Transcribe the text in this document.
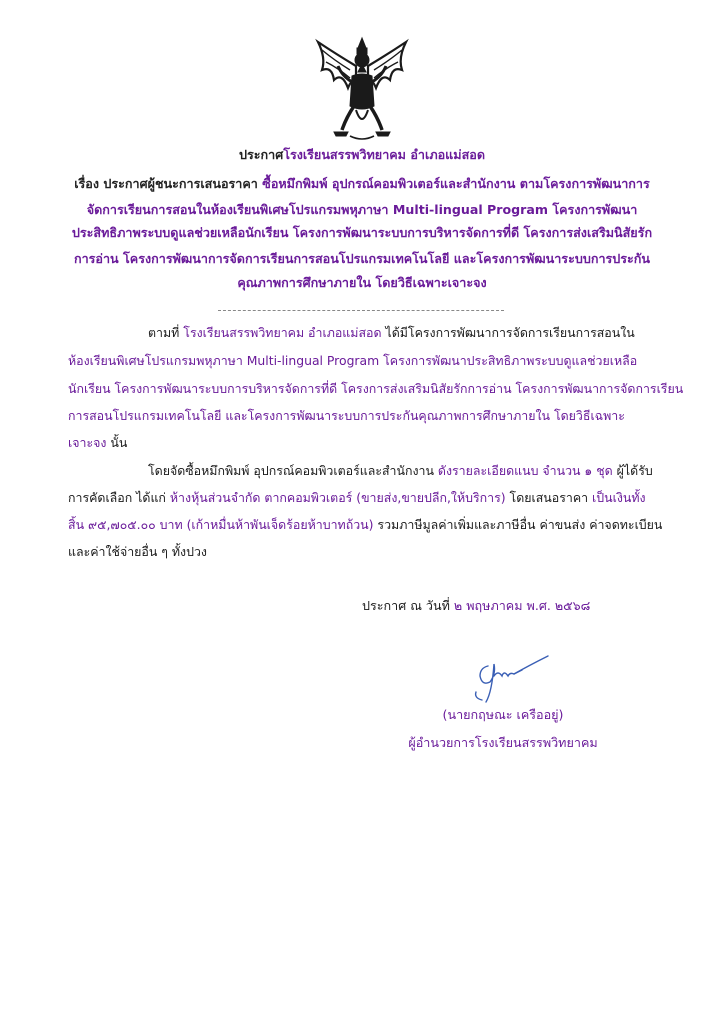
ประกาศโรงเรียนสรรพวิทยาคม อำเภอแม่สอด
เรื่อง ประกาศผู้ชนะการเสนอราคา ซื้อหมึกพิมพ์ อุปกรณ์คอมพิวเตอร์และสำนักงาน ตามโครงการพัฒนาการ
จัดการเรียนการสอนในห้องเรียนพิเศษโปรแกรมพหุภาษา Multi-lingual Program โครงการพัฒนา
ประสิทธิภาพระบบดูแลช่วยเหลือนักเรียน โครงการพัฒนาระบบการบริหารจัดการที่ดี โครงการส่งเสริมนิสัยรัก
การอ่าน โครงการพัฒนาการจัดการเรียนการสอนโปรแกรมเทคโนโลยี และโครงการพัฒนาระบบการประกัน
คุณภาพการศึกษาภายใน โดยวิธีเฉพาะเจาะจง
ตามที่ โรงเรียนสรรพวิทยาคม อำเภอแม่สอด ได้มีโครงการพัฒนาการจัดการเรียนการสอนใน
ห้องเรียนพิเศษโปรแกรมพหุภาษา Multi-lingual Program โครงการพัฒนาประสิทธิภาพระบบดูแลช่วยเหลือ
นักเรียน โครงการพัฒนาระบบการบริหารจัดการที่ดี โครงการส่งเสริมนิสัยรักการอ่าน โครงการพัฒนาการจัดการเรียน
การสอนโปรแกรมเทคโนโลยี และโครงการพัฒนาระบบการประกันคุณภาพการศึกษาภายใน โดยวิธีเฉพาะ
เจาะจง นั้น
โดยจัดซื้อหมึกพิมพ์ อุปกรณ์คอมพิวเตอร์และสำนักงาน ดังรายละเอียดแนบ จำนวน ๑ ชุด ผู้ได้รับ
การคัดเลือก ได้แก่ ห้างหุ้นส่วนจำกัด ตากคอมพิวเตอร์ (ขายส่ง,ขายปลีก,ให้บริการ) โดยเสนอราคา เป็นเงินทั้ง
สิ้น ๙๕,๗๐๕.๐๐ บาท (เก้าหมื่นห้าพันเจ็ดร้อยห้าบาทถ้วน) รวมภาษีมูลค่าเพิ่มและภาษีอื่น ค่าขนส่ง ค่าจดทะเบียน
และค่าใช้จ่ายอื่น ๆ ทั้งปวง
ประกาศ ณ วันที่ ๒ พฤษภาคม พ.ศ. ๒๕๖๘
(นายกฤษณะ เครืออยู่)
ผู้อำนวยการโรงเรียนสรรพวิทยาคม
